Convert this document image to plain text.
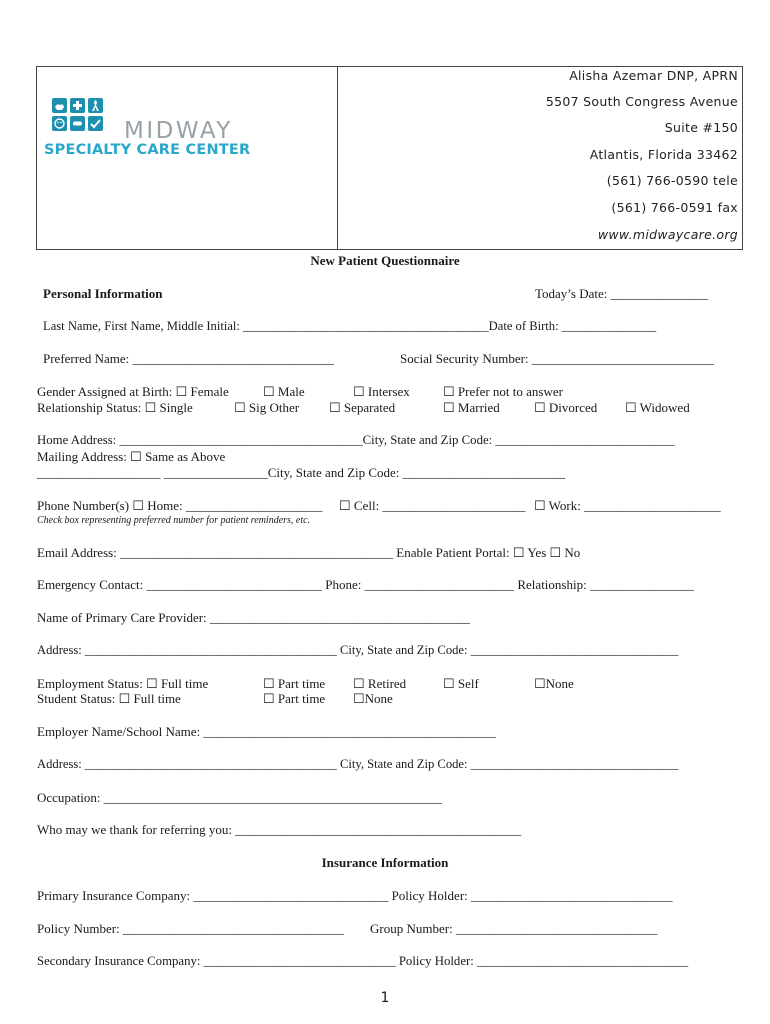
MIDWAY
SPECIALTY CARE CENTER
Alisha Azemar DNP, APRN
5507 South Congress Avenue
Suite #150
Atlantis, Florida 33462
(561) 766-0590 tele
(561) 766-0591 fax
www.midwaycare.org
New Patient Questionnaire
Personal Information	Today’s Date: _______________
Last Name, First Name, Middle Initial: _______________________________________Date of Birth: _______________
Preferred Name: _______________________________	Social Security Number: ____________________________
Gender Assigned at Birth: ☐ Female	☐ Male	☐ Intersex	☐ Prefer not to answer
Relationship Status: ☐ Single	☐ Sig Other ☐ Separated	☐ Married	☐ Divorced ☐ Widowed
Home Address: ______________________________________City, State and Zip Code: ____________________________
Mailing Address: ☐ Same as Above
___________________ ________________City, State and Zip Code: _________________________
Phone Number(s) ☐ Home: _____________________ ☐ Cell: ______________________ ☐ Work: _____________________
Check box representing preferred number for patient reminders, etc.
Email Address: __________________________________________ Enable Patient Portal: ☐ Yes ☐ No
Emergency Contact: ___________________________ Phone: _______________________ Relationship: ________________
Name of Primary Care Provider: ________________________________________
Address: ________________________________________ City, State and Zip Code: _________________________________
Employment Status: ☐ Full time	☐ Part time ☐ Retired	☐ Self	☐None
Student Status: ☐ Full time	☐ Part time ☐None
Employer Name/School Name: _____________________________________________
Address: ________________________________________ City, State and Zip Code: _________________________________
Occupation: ____________________________________________________
Who may we thank for referring you: ____________________________________________
Insurance Information
Primary Insurance Company: ______________________________ Policy Holder: _______________________________
Policy Number: __________________________________ Group Number: _______________________________
Secondary Insurance Company: ______________________________ Policy Holder: _________________________________
1
